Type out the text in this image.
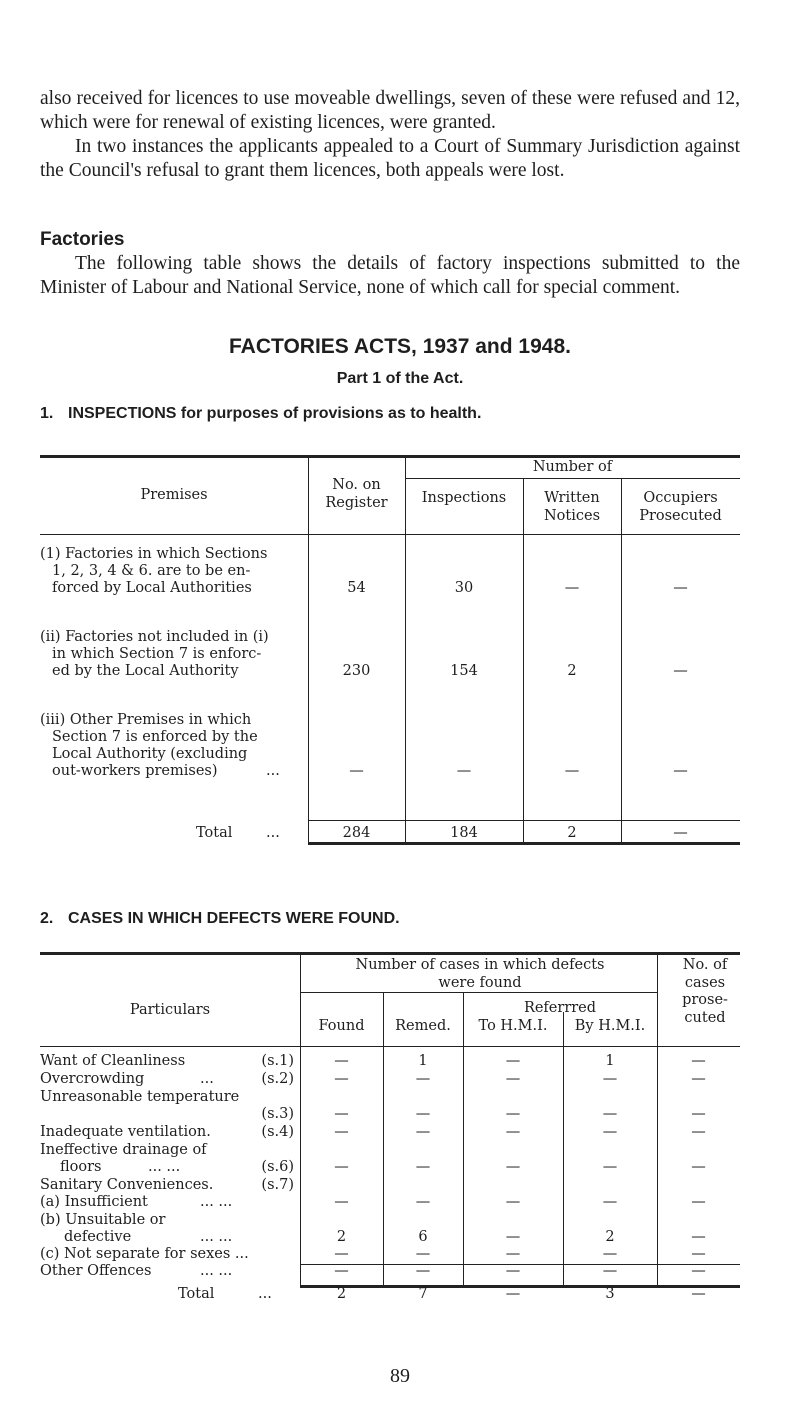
also received for licences to use moveable dwellings, seven of these were refused and 12, which were for renewal of existing licences, were granted.

In two instances the applicants appealed to a Court of Summary Jurisdiction against the Council's refusal to grant them licences, both appeals were lost.

Factories

The following table shows the details of factory inspections submitted to the Minister of Labour and National Service, none of which call for special comment.

FACTORIES ACTS, 1937 and 1948.

Part 1 of the Act.

1. INSPECTIONS for purposes of provisions as to health.

Premises
No. on Register
Number of
Inspections	Written Notices
Occupiers Prosecuted
(1) Factories in which Sections
1, 2, 3, 4 & 6. are to be en-
forced by Local Authorities	54	30	—	—
(ii) Factories not included in (i)
in which Section 7 is enforc-
ed by the Local Authority	230	154	2	—
(iii) Other Premises in which
Section 7 is enforced by the
Local Authority (excluding
out-workers premises)	...	—	—	—	—
Total ...	284	184	2	—

2. CASES IN WHICH DEFECTS WERE FOUND.

Particulars
Number of cases in which defects were found
Found	Remed.
Referrred
To H.M.I.	By H.M.I.
No. of cases prose- cuted
Want of Cleanliness	(s.1)	—	1	—	1	—
Overcrowding	...	(s.2)	—	—	—	—	—
Unreasonable temperature
(s.3)	—	—	—	—	—
Inadequate ventilation.	(s.4)	—	—	—	—	—
Ineffective drainage of
floors	... ...	(s.6)	—	—	—	—	—
Sanitary Conveniences.	(s.7)
(a) Insufficient	... ...	—	—	—	—	—
(b) Unsuitable or
defective	... ...	2	6	—	2	—
(c) Not separate for sexes ...	—	—	—	—	—
Other Offences	... ...	—	—	—	—	—
Total	...	2	7	—	3	—
89
